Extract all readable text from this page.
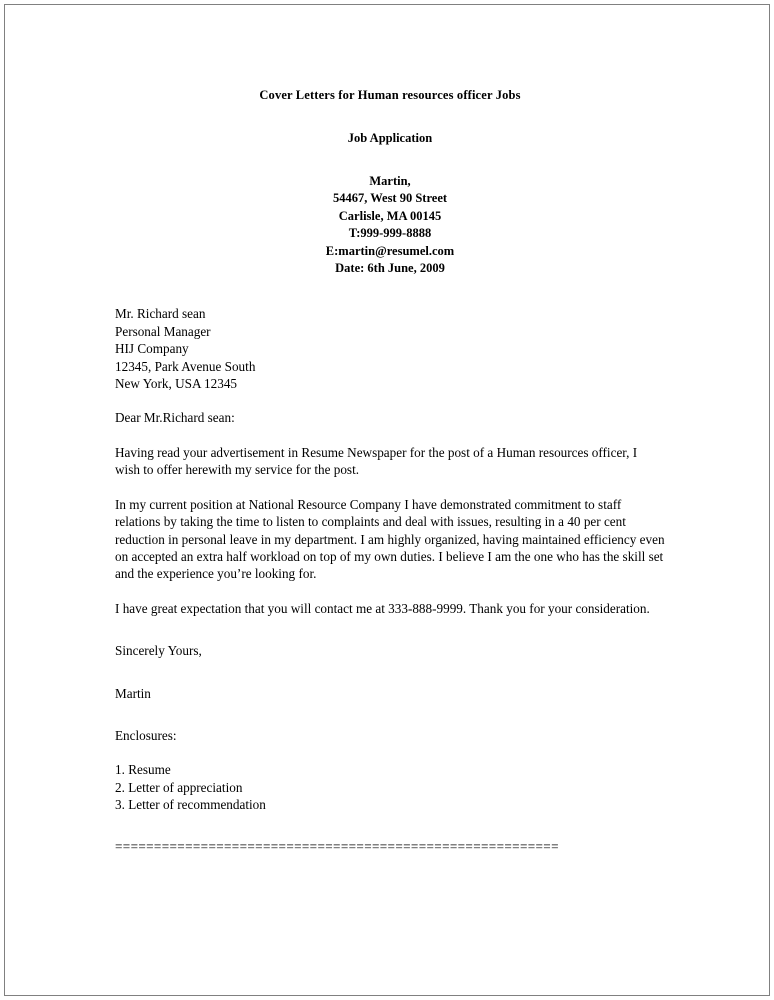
Cover Letters for Human resources officer Jobs
Job Application
Martin,
54467, West 90 Street
Carlisle, MA 00145
T:999-999-8888
E:martin@resumel.com
Date: 6th June, 2009
Mr. Richard sean
Personal Manager
HIJ Company
12345, Park Avenue South
New York, USA 12345
Dear Mr.Richard sean:
Having read your advertisement in Resume Newspaper for the post of a Human resources officer, I wish to offer herewith my service for the post.
In my current position at National Resource Company I have demonstrated commitment to staff relations by taking the time to listen to complaints and deal with issues, resulting in a 40 per cent reduction in personal leave in my department. I am highly organized, having maintained efficiency even on accepted an extra half workload on top of my own duties. I believe I am the one who has the skill set and the experience you’re looking for.
I have great expectation that you will contact me at 333-888-9999. Thank you for your consideration.
Sincerely Yours,
Martin
Enclosures:
1. Resume
2. Letter of appreciation
3. Letter of recommendation
=========================================================
